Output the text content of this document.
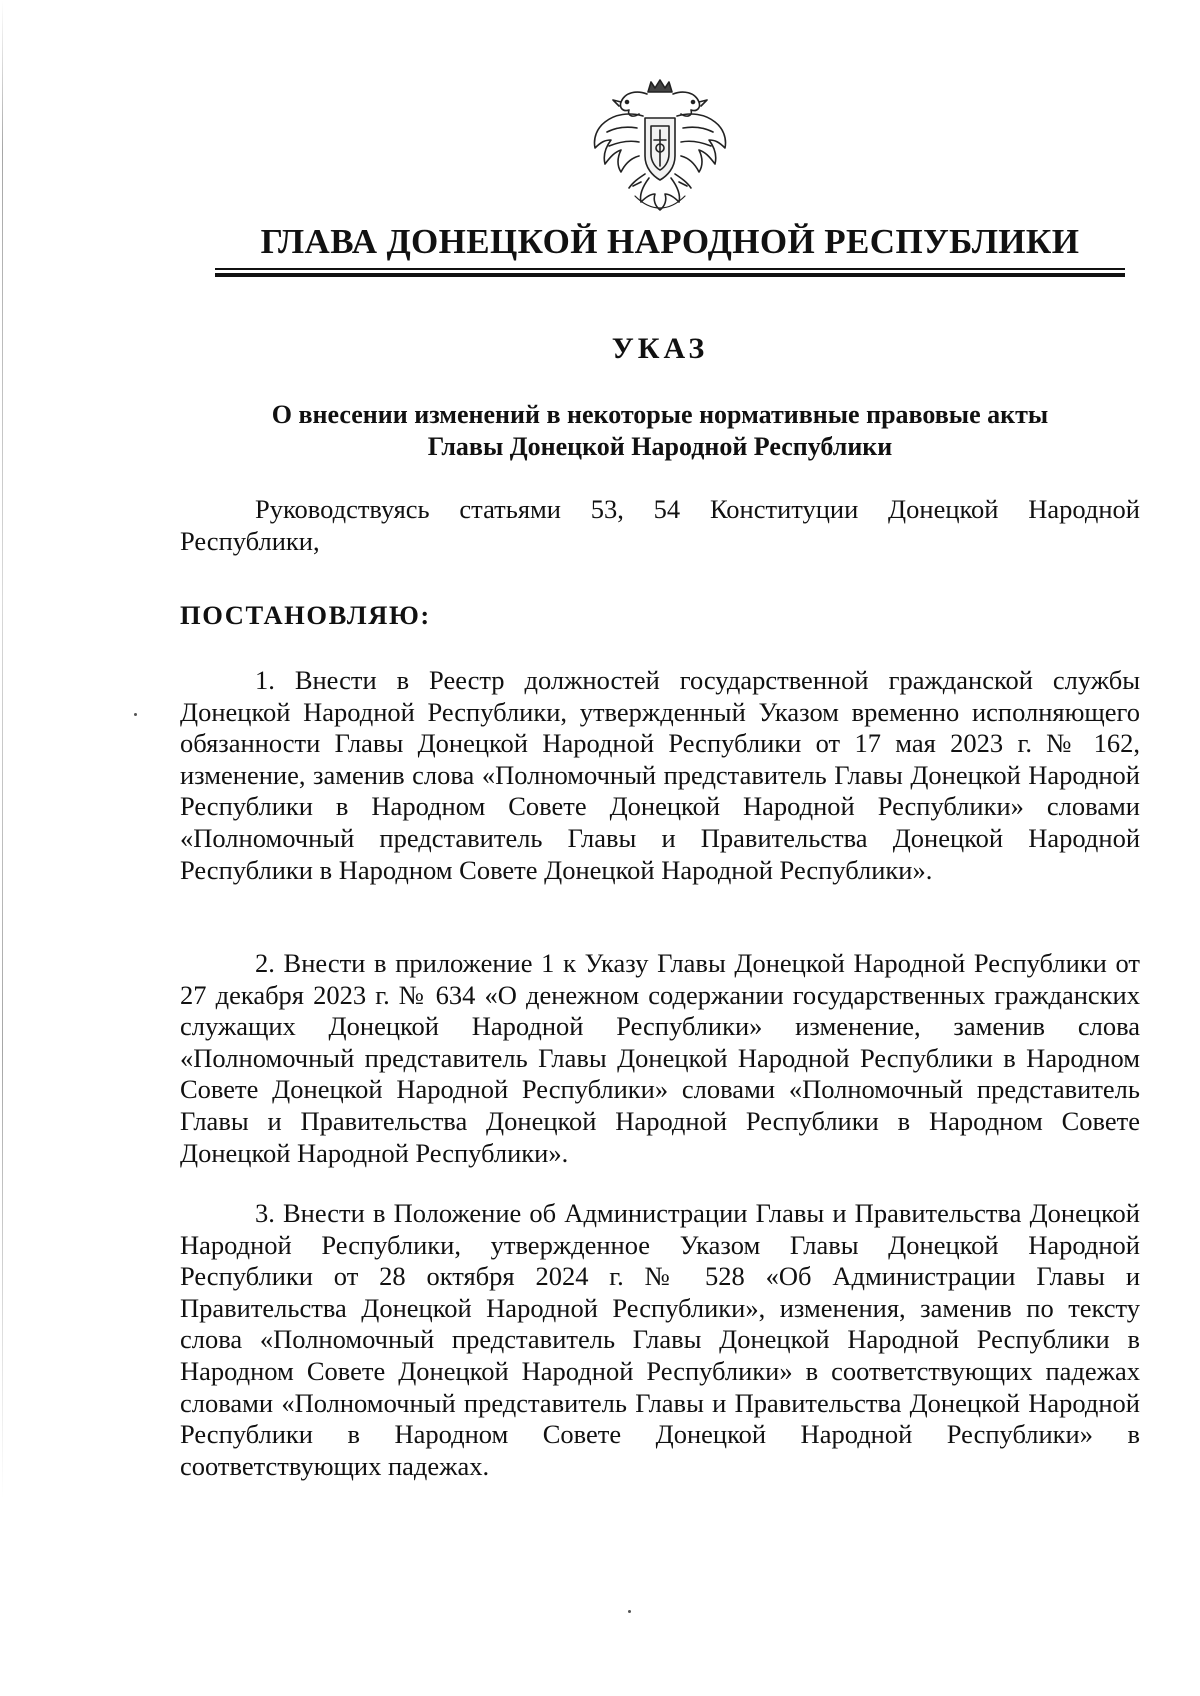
ГЛАВА ДОНЕЦКОЙ НАРОДНОЙ РЕСПУБЛИКИ
УКАЗ
О внесении изменений в некоторые нормативные правовые акты
Главы Донецкой Народной Республики

Руководствуясь статьями 53, 54 Конституции Донецкой Народной Республики,

ПОСТАНОВЛЯЮ:

1. Внести в Реестр должностей государственной гражданской службы Донецкой Народной Республики, утвержденный Указом временно исполняющего обязанности Главы Донецкой Народной Республики от 17 мая 2023 г. № 162, изменение, заменив слова «Полномочный представитель Главы Донецкой Народной Республики в Народном Совете Донецкой Народной Республики» словами «Полномочный представитель Главы и Правительства Донецкой Народной Республики в Народном Совете Донецкой Народной Республики».

2. Внести в приложение 1 к Указу Главы Донецкой Народной Республики от 27 декабря 2023 г. № 634 «О денежном содержании государственных гражданских служащих Донецкой Народной Республики» изменение, заменив слова «Полномочный представитель Главы Донецкой Народной Республики в Народном Совете Донецкой Народной Республики» словами «Полномочный представитель Главы и Правительства Донецкой Народной Республики в Народном Совете Донецкой Народной Республики».

3. Внести в Положение об Администрации Главы и Правительства Донецкой Народной Республики, утвержденное Указом Главы Донецкой Народной Республики от 28 октября 2024 г. № 528 «Об Администрации Главы и Правительства Донецкой Народной Республики», изменения, заменив по тексту слова «Полномочный представитель Главы Донецкой Народной Республики в Народном Совете Донецкой Народной Республики» в соответствующих падежах словами «Полномочный представитель Главы и Правительства Донецкой Народной Республики в Народном Совете Донецкой Народной Республики» в соответствующих падежах.
